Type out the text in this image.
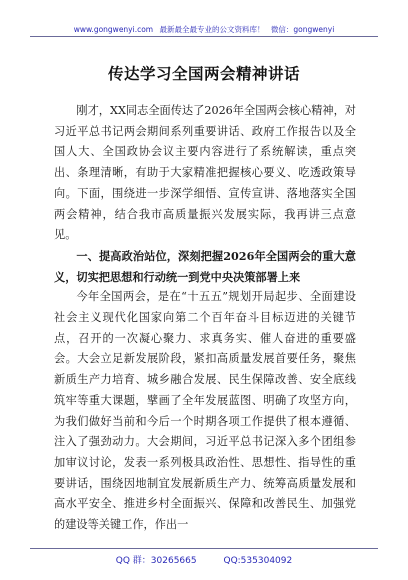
www.gongwenyi.com 最新最全最专业的公文资料库！ 微信：gongwenyi
传达学习全国两会精神讲话

刚才，XX同志全面传达了2026年全国两会核心精神，对习近平总书记两会期间系列重要讲话、政府工作报告以及全国人大、全国政协会议主要内容进行了系统解读，重点突出、条理清晰，有助于大家精准把握核心要义、吃透政策导向。下面，围绕进一步深学细悟、宣传宣讲、落地落实全国两会精神，结合我市高质量振兴发展实际，我再讲三点意见。

一、提高政治站位，深刻把握2026年全国两会的重大意义，切实把思想和行动统一到党中央决策部署上来

今年全国两会，是在“十五五”规划开局起步、全面建设社会主义现代化国家向第二个百年奋斗目标迈进的关键节点，召开的一次凝心聚力、求真务实、催人奋进的重要盛会。大会立足新发展阶段，紧扣高质量发展首要任务，聚焦新质生产力培育、城乡融合发展、民生保障改善、安全底线筑牢等重大课题，擘画了全年发展蓝图、明确了攻坚方向，为我们做好当前和今后一个时期各项工作提供了根本遵循、注入了强劲动力。大会期间，习近平总书记深入多个团组参加审议讨论，发表一系列极具政治性、思想性、指导性的重要讲话，围绕因地制宜发展新质生产力、统筹高质量发展和高水平安全、推进乡村全面振兴、保障和改善民生、加强党的建设等关键工作，作出一

QQ 群：30265665	QQ:535304092
